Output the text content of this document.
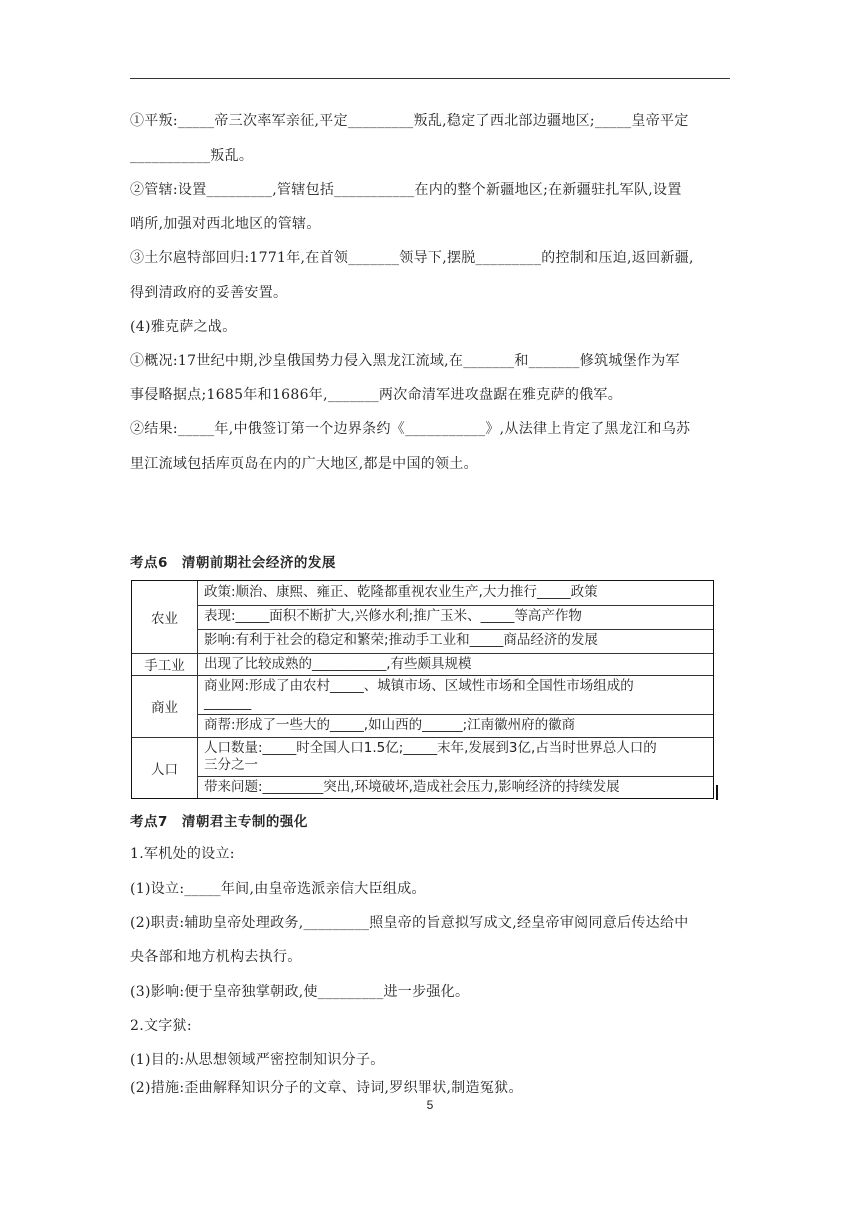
①平叛:_____帝三次率军亲征,平定_________叛乱,稳定了西北部边疆地区;_____皇帝平定
___________叛乱。
②管辖:设置_________,管辖包括___________在内的整个新疆地区;在新疆驻扎军队,设置
哨所,加强对西北地区的管辖。
③土尔扈特部回归:1771年,在首领_______领导下,摆脱_________的控制和压迫,返回新疆,
得到清政府的妥善安置。
(4)雅克萨之战。
①概况:17世纪中期,沙皇俄国势力侵入黑龙江流域,在_______和_______修筑城堡作为军
事侵略据点;1685年和1686年,_______两次命清军进攻盘踞在雅克萨的俄军。
②结果:_____年,中俄签订第一个边界条约《___________》,从法律上肯定了黑龙江和乌苏
里江流域包括库页岛在内的广大地区,都是中国的领土。
考点6　清朝前期社会经济的发展
农业
手工业
商业
人口
政策:顺治、康熙、雍正、乾隆都重视农业生产,大力推行_____政策
表现:_____面积不断扩大,兴修水利;推广玉米、_____等高产作物
影响:有利于社会的稳定和繁荣;推动手工业和_____商品经济的发展
出现了比较成熟的___________,有些颇具规模
商业网:形成了由农村_____、城镇市场、区域性市场和全国性市场组成的
_______
商帮:形成了一些大的_____,如山西的______;江南徽州府的徽商
人口数量:_____时全国人口1.5亿;_____末年,发展到3亿,占当时世界总人口的
三分之一
带来问题:_________突出,环境破坏,造成社会压力,影响经济的持续发展
考点7　清朝君主专制的强化
1.军机处的设立:
(1)设立:_____年间,由皇帝选派亲信大臣组成。
(2)职责:辅助皇帝处理政务,_________照皇帝的旨意拟写成文,经皇帝审阅同意后传达给中
央各部和地方机构去执行。
(3)影响:便于皇帝独掌朝政,使_________进一步强化。
2.文字狱:
(1)目的:从思想领域严密控制知识分子。
(2)措施:歪曲解释知识分子的文章、诗词,罗织罪状,制造冤狱。
5
